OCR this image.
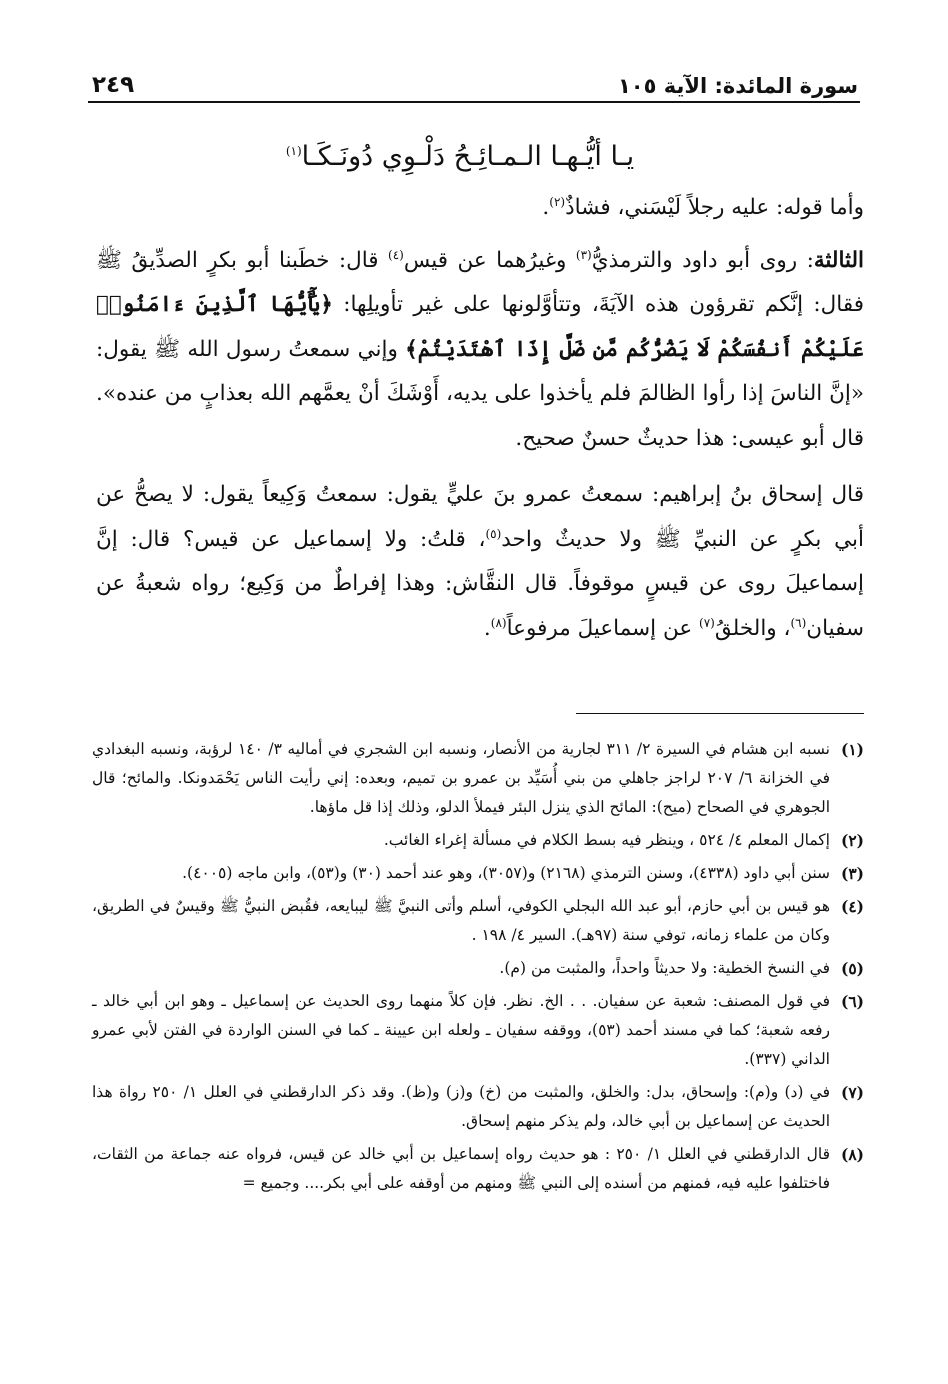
سورة المائدة: الآية ١٠٥
٢٤٩
يـا أيُّـهـا الـمـائِـحُ دَلْـوِي دُونَـكَـا$^{(١)}$

وأما قوله: عليه رجلاً لَيْسَني، فشاذٌ$^{(٢)}$.

الثالثة: روى أبو داود والترمذيُّ$^{(٣)}$ وغيرُهما عن قيس$^{(٤)}$ قال: خطَبنا أبو بكرٍ الصدِّيقُ ﷺ فقال: إنَّكم تقرؤون هذه الآيَةَ، وتتأوَّلونها على غير تأويلِها: ﴿يَٰٓأَيُّهَا ٱلَّذِينَ ءَامَنُوا۟ عَلَيْكُمْ أَنفُسَكُمْ لَا يَضُرُّكُم مَّن ضَلَّ إِذَا ٱهْتَدَيْتُمْ﴾ وإني سمعتُ رسول الله ﷺ يقول: «إنَّ الناسَ إذا رأوا الظالمَ فلم يأخذوا على يديه، أَوْشَكَ أنْ يعمَّهم الله بعذابٍ من عنده». قال أبو عيسى: هذا حديثٌ حسنٌ صحيح.

قال إسحاق بنُ إبراهيم: سمعتُ عمرو بنَ عليٍّ يقول: سمعتُ وَكِيعاً يقول: لا يصحُّ عن أبي بكرٍ عن النبيِّ ﷺ ولا حديثٌ واحد$^{(٥)}$، قلتُ: ولا إسماعيل عن قيس؟ قال: إنَّ إسماعيلَ روى عن قيسٍ موقوفاً. قال النقَّاش: وهذا إفراطٌ من وَكِيع؛ رواه شعبةُ عن سفيان$^{(٦)}$، والخلقُ$^{(٧)}$ عن إسماعيلَ مرفوعاً$^{(٨)}$.

(١)
نسبه ابن هشام في السيرة ٢/ ٣١١ لجارية من الأنصار، ونسبه ابن الشجري في أماليه ٣/ ١٤٠ لرؤبة، ونسبه البغدادي في الخزانة ٦/ ٢٠٧ لراجز جاهلي من بني أُسَيِّد بن عمرو بن تميم، وبعده: إني رأيت الناس يَحْمَدونكا. والمائح؛ قال الجوهري في الصحاح (ميح): المائح الذي ينزل البئر فيملأ الدلو، وذلك إذا قل ماؤها.
(٢)
إكمال المعلم ٤/ ٥٢٤ ، وينظر فيه بسط الكلام في مسألة إغراء الغائب.
(٣)
سنن أبي داود (٤٣٣٨)، وسنن الترمذي (٢١٦٨) و(٣٠٥٧)، وهو عند أحمد (٣٠) و(٥٣)، وابن ماجه (٤٠٠٥).
(٤)
هو قيس بن أبي حازم، أبو عبد الله البجلي الكوفي، أسلم وأتى النبيَّ ﷺ ليبايعه، فقُبض النبيُّ ﷺ وقيسٌ في الطريق، وكان من علماء زمانه، توفي سنة (٩٧هـ). السير ٤/ ١٩٨ .
(٥)
في النسخ الخطية: ولا حديثاً واحداً، والمثبت من (م).
(٦)
في قول المصنف: شعبة عن سفيان. . . الخ. نظر. فإن كلاً منهما روى الحديث عن إسماعيل ـ وهو ابن أبي خالد ـ رفعه شعبة؛ كما في مسند أحمد (٥٣)، ووقفه سفيان ـ ولعله ابن عيينة ـ كما في السنن الواردة في الفتن لأبي عمرو الداني (٣٣٧).
(٧)
في (د) و(م): وإسحاق، بدل: والخلق، والمثبت من (خ) و(ز) و(ظ). وقد ذكر الدارقطني في العلل ١/ ٢٥٠ رواة هذا الحديث عن إسماعيل بن أبي خالد، ولم يذكر منهم إسحاق.
(٨)
قال الدارقطني في العلل ١/ ٢٥٠ : هو حديث رواه إسماعيل بن أبي خالد عن قيس، فرواه عنه جماعة من الثقات، فاختلفوا عليه فيه، فمنهم من أسنده إلى النبي ﷺ ومنهم من أوقفه على أبي بكر.... وجميع =
